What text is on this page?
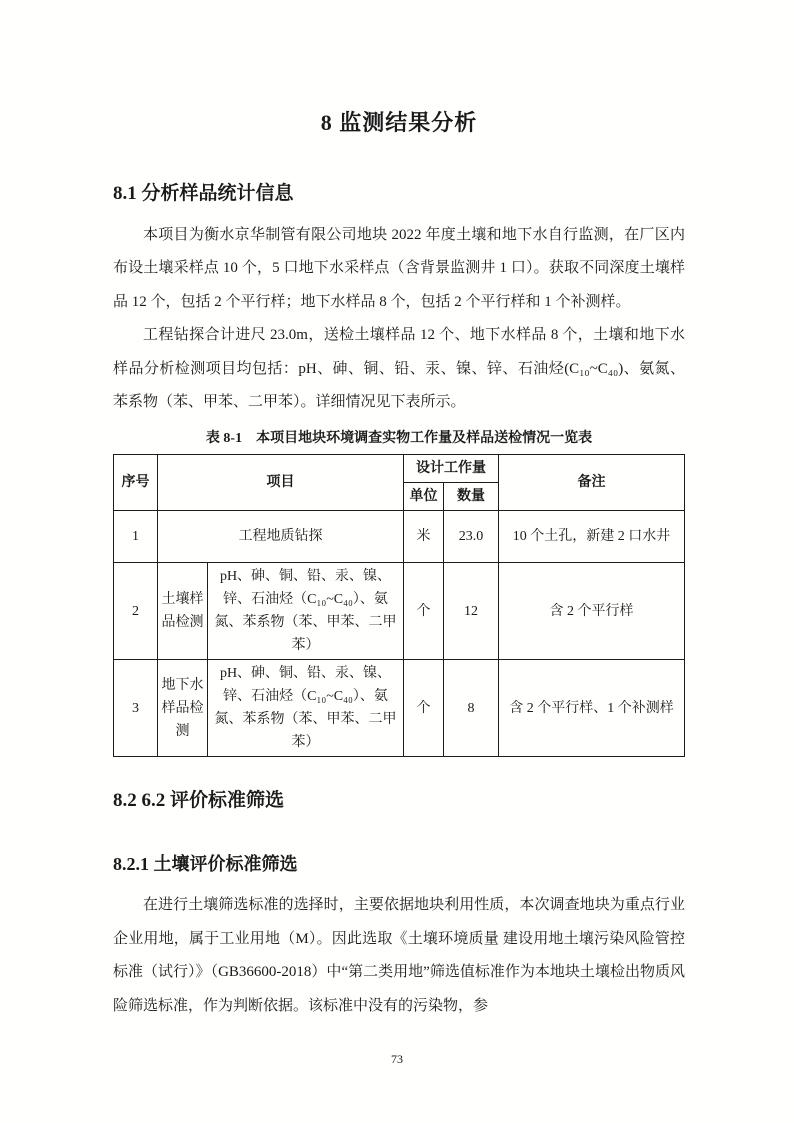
8 监测结果分析
8.1 分析样品统计信息

本项目为衡水京华制管有限公司地块 2022 年度土壤和地下水自行监测，在厂区内布设土壤采样点 10 个，5 口地下水采样点（含背景监测井 1 口）。获取不同深度土壤样品 12 个，包括 2 个平行样；地下水样品 8 个，包括 2 个平行样和 1 个补测样。

工程钻探合计进尺 23.0m，送检土壤样品 12 个、地下水样品 8 个，土壤和地下水样品分析检测项目均包括：pH、砷、铜、铅、汞、镍、锌、石油烃(C₁₀~C₄₀)、氨氮、苯系物（苯、甲苯、二甲苯）。详细情况见下表所示。

表 8-1　本项目地块环境调查实物工作量及样品送检情况一览表
序号	项目		设计工作量		备注
			单位	数量	
1	工程地质钻探		米	23.0	10 个土孔，新建 2 口水井
2	土壤样品检测	pH、砷、铜、铅、汞、镍、锌、石油烃（C₁₀~C₄₀）、氨氮、苯系物（苯、甲苯、二甲苯）	个	12	含 2 个平行样
3	地下水样品检测	pH、砷、铜、铅、汞、镍、锌、石油烃（C₁₀~C₄₀）、氨氮、苯系物（苯、甲苯、二甲苯）	个	8	含 2 个平行样、1 个补测样
8.2 6.2 评价标准筛选
8.2.1 土壤评价标准筛选

在进行土壤筛选标准的选择时，主要依据地块利用性质，本次调查地块为重点行业企业用地，属于工业用地（M）。因此选取《土壤环境质量 建设用地土壤污染风险管控标准（试行）》（GB36600-2018）中“第二类用地”筛选值标准作为本地块土壤检出物质风险筛选标准，作为判断依据。该标准中没有的污染物，参

73
